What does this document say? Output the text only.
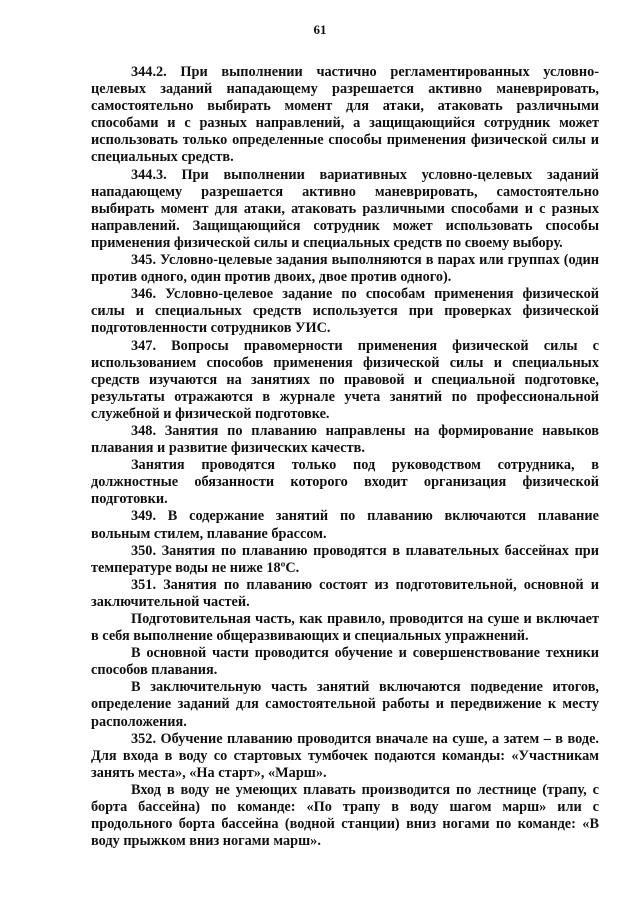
61

344.2. При выполнении частично регламентированных условно-целевых заданий нападающему разрешается активно маневрировать, самостоятельно выбирать момент для атаки, атаковать различными способами и с разных направлений, а защищающийся сотрудник может использовать только определенные способы применения физической силы и специальных средств.

344.3. При выполнении вариативных условно-целевых заданий нападающему разрешается активно маневрировать, самостоятельно выбирать момент для атаки, атаковать различными способами и с разных направлений. Защищающийся сотрудник может использовать способы применения физической силы и специальных средств по своему выбору.

345. Условно-целевые задания выполняются в парах или группах (один против одного, один против двоих, двое против одного).

346. Условно-целевое задание по способам применения физической силы и специальных средств используется при проверках физической подготовленности сотрудников УИС.

347. Вопросы правомерности применения физической силы с использованием способов применения физической силы и специальных средств изучаются на занятиях по правовой и специальной подготовке, результаты отражаются в журнале учета занятий по профессиональной служебной и физической подготовке.

348. Занятия по плаванию направлены на формирование навыков плавания и развитие физических качеств.

Занятия проводятся только под руководством сотрудника, в должностные обязанности которого входит организация физической подготовки.

349. В содержание занятий по плаванию включаются плавание вольным стилем, плавание брассом.

350. Занятия по плаванию проводятся в плавательных бассейнах при температуре воды не ниже 18ºС.

351. Занятия по плаванию состоят из подготовительной, основной и заключительной частей.

Подготовительная часть, как правило, проводится на суше и включает в себя выполнение общеразвивающих и специальных упражнений.

В основной части проводится обучение и совершенствование техники способов плавания.

В заключительную часть занятий включаются подведение итогов, определение заданий для самостоятельной работы и передвижение к месту расположения.

352. Обучение плаванию проводится вначале на суше, а затем – в воде. Для входа в воду со стартовых тумбочек подаются команды: «Участникам занять места», «На старт», «Марш».

Вход в воду не умеющих плавать производится по лестнице (трапу, с борта бассейна) по команде: «По трапу в воду шагом марш» или с продольного борта бассейна (водной станции) вниз ногами по команде: «В воду прыжком вниз ногами марш».
